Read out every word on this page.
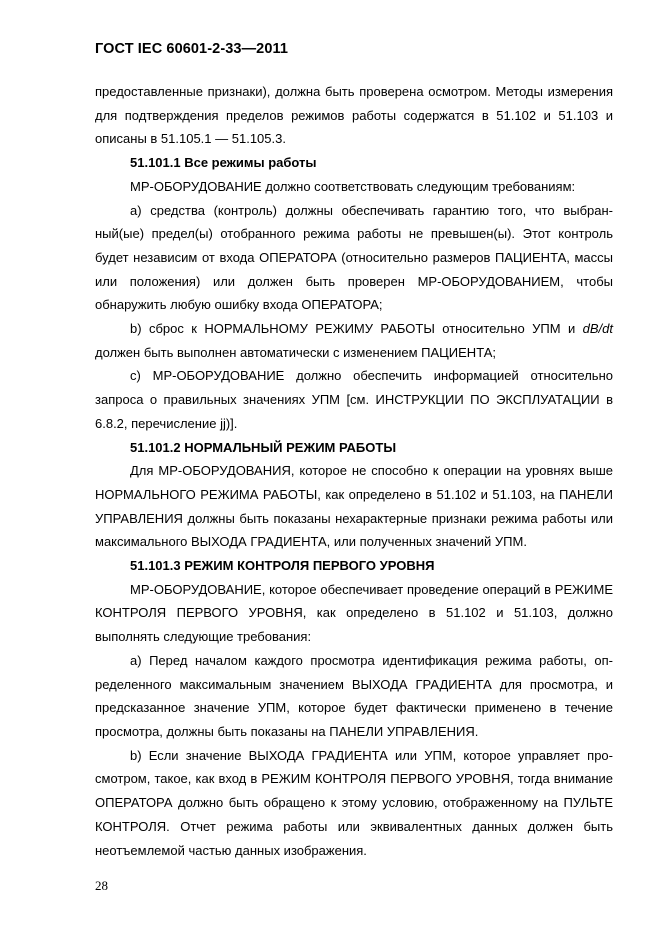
ГОСТ IEC 60601-2-33—2011

предоставленные признаки), должна быть проверена осмотром. Методы измерения для подтверждения пределов режимов работы содержатся в 51.102 и 51.103 и описаны в 51.105.1 — 51.105.3.

51.101.1 Все режимы работы

МР-ОБОРУДОВАНИЕ должно соответствовать следующим требованиям:

а) средства (контроль) должны обеспечивать гарантию того, что выбранный(ые) предел(ы) отобранного режима работы не превышен(ы). Этот контроль будет независим от входа ОПЕРАТОРА (относительно размеров ПАЦИЕНТА, массы или положения) или должен быть проверен МР-ОБОРУДОВАНИЕМ, чтобы обнаружить любую ошибку входа ОПЕРАТОРА;

b) сброс к НОРМАЛЬНОМУ РЕЖИМУ РАБОТЫ относительно УПМ и dB/dt должен быть выполнен автоматически с изменением ПАЦИЕНТА;

с) МР-ОБОРУДОВАНИЕ должно обеспечить информацией относительно запроса о правильных значениях УПМ [см. ИНСТРУКЦИИ ПО ЭКСПЛУАТАЦИИ в 6.8.2, перечисление jj)].

51.101.2 НОРМАЛЬНЫЙ РЕЖИМ РАБОТЫ

Для МР-ОБОРУДОВАНИЯ, которое не способно к операции на уровнях выше НОРМАЛЬНОГО РЕЖИМА РАБОТЫ, как определено в 51.102 и 51.103, на ПАНЕЛИ УПРАВЛЕНИЯ должны быть показаны нехарактерные признаки режима работы или максимального ВЫХОДА ГРАДИЕНТА, или полученных значений УПМ.

51.101.3 РЕЖИМ КОНТРОЛЯ ПЕРВОГО УРОВНЯ

МР-ОБОРУДОВАНИЕ, которое обеспечивает проведение операций в РЕЖИМЕ КОНТРОЛЯ ПЕРВОГО УРОВНЯ, как определено в 51.102 и 51.103, должно выполнять следующие требования:

а) Перед началом каждого просмотра идентификация режима работы, определенного максимальным значением ВЫХОДА ГРАДИЕНТА для просмотра, и предсказанное значение УПМ, которое будет фактически применено в течение просмотра, должны быть показаны на ПАНЕЛИ УПРАВЛЕНИЯ.

b) Если значение ВЫХОДА ГРАДИЕНТА или УПМ, которое управляет просмотром, такое, как вход в РЕЖИМ КОНТРОЛЯ ПЕРВОГО УРОВНЯ, тогда внимание ОПЕРАТОРА должно быть обращено к этому условию, отображенному на ПУЛЬТЕ КОНТРОЛЯ. Отчет режима работы или эквивалентных данных должен быть неотъемлемой частью данных изображения.

28
